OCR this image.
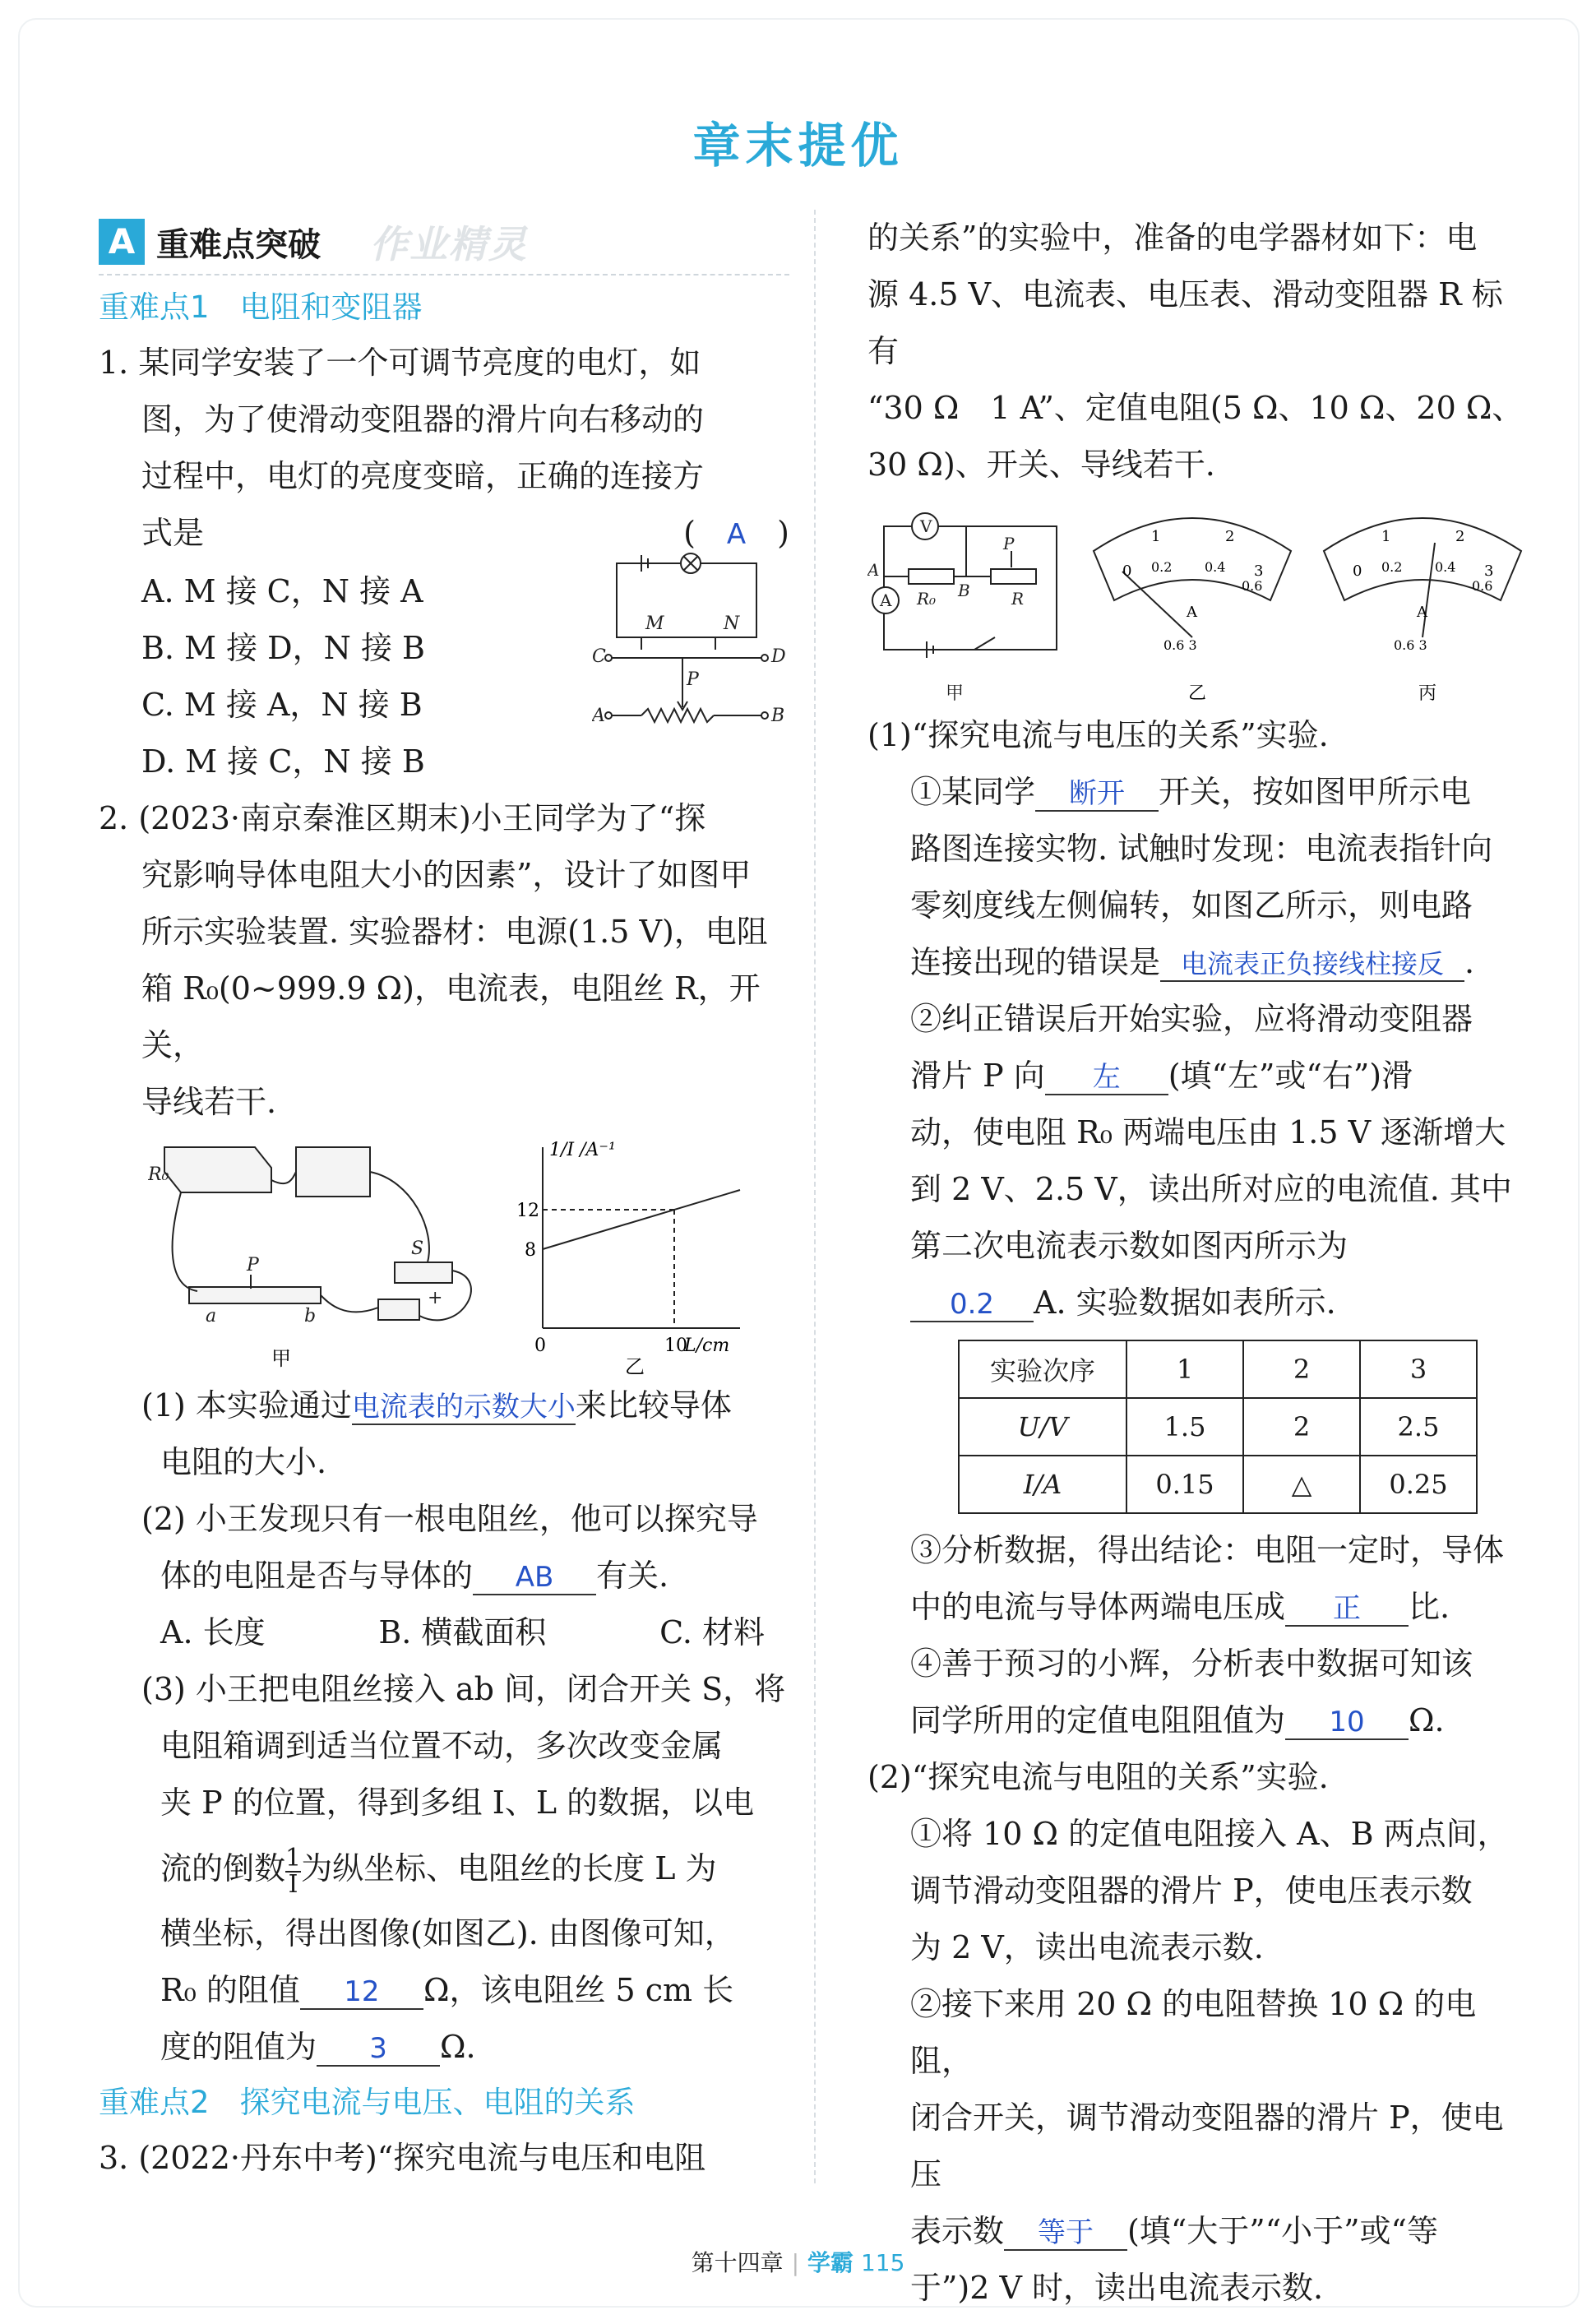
章末提优
A 重难点突破 作业精灵

重难点1　电阻和变阻器

1. 某同学安装了一个可调节亮度的电灯，如

图，为了使滑动变阻器的滑片向右移动的

过程中，电灯的亮度变暗，正确的连接方

式是	(　A　)

A. M 接 C，N 接 A

B. M 接 D，N 接 B

C. M 接 A，N 接 B

D. M 接 C，N 接 B

M	N
C	D
P
A	B

2. (2023·南京秦淮区期末)小王同学为了“探

究影响导体电阻大小的因素”，设计了如图甲

所示实验装置. 实验器材：电源(1.5 V)，电阻

箱 R₀(0~999.9 Ω)，电流表，电阻丝 R，开关，

导线若干.

R₀
P
a	b
S
+
甲
1/I /A⁻¹
L/cm
12
8
0	10
乙

(1) 本实验通过电流表的示数大小来比较导体

电阻的大小.

(2) 小王发现只有一根电阻丝，他可以探究导

体的电阻是否与导体的 AB 有关.

A. 长度	B. 横截面积	C. 材料

(3) 小王把电阻丝接入 ab 间，闭合开关 S，将

电阻箱调到适当位置不动，多次改变金属

夹 P 的位置，得到多组 I、L 的数据，以电

流的倒数 $\frac{1}{I}$ 为纵坐标、电阻丝的长度 L 为

横坐标，得出图像(如图乙). 由图像可知，

R₀ 的阻值 12 Ω，该电阻丝 5 cm 长

度的阻值为 3 Ω.

重难点2　探究电流与电压、电阻的关系

3. (2022·丹东中考)“探究电流与电压和电阻

的关系”的实验中，准备的电学器材如下：电

源 4.5 V、电流表、电压表、滑动变阻器 R 标有

“30 Ω　1 A”、定值电阻(5 Ω、10 Ω、20 Ω、

30 Ω)、开关、导线若干.

V
A R₀	R
P
A
B
甲
0
1	2
3
0.2 0.4
0.6
A
0.6 3
乙
0
1	2
3
0.2 0.4
0.6
A
0.6 3
丙

(1)“探究电流与电压的关系”实验.

①某同学 断开 开关，按如图甲所示电

路图连接实物. 试触时发现：电流表指针向

零刻度线左侧偏转，如图乙所示，则电路

连接出现的错误是 电流表正负接线柱接反 .

②纠正错误后开始实验，应将滑动变阻器

滑片 P 向 左 (填“左”或“右”)滑

动，使电阻 R₀ 两端电压由 1.5 V 逐渐增大

到 2 V、2.5 V，读出所对应的电流值. 其中

第二次电流表示数如图丙所示为

0.2 A. 实验数据如表所示.

实验次序	1	2	3
U/V	1.5	2	2.5
I/A	0.15	△	0.25

③分析数据，得出结论：电阻一定时，导体

中的电流与导体两端电压成 正 比.

④善于预习的小辉，分析表中数据可知该

同学所用的定值电阻阻值为 10 Ω.

(2)“探究电流与电阻的关系”实验.

①将 10 Ω 的定值电阻接入 A、B 两点间，

调节滑动变阻器的滑片 P，使电压表示数

为 2 V，读出电流表示数.

②接下来用 20 Ω 的电阻替换 10 Ω 的电阻，

闭合开关，调节滑动变阻器的滑片 P，使电压

表示数 等于 (填“大于”“小于”或“等

于”)2 V 时，读出电流表示数.

第十四章 | 学霸 115
